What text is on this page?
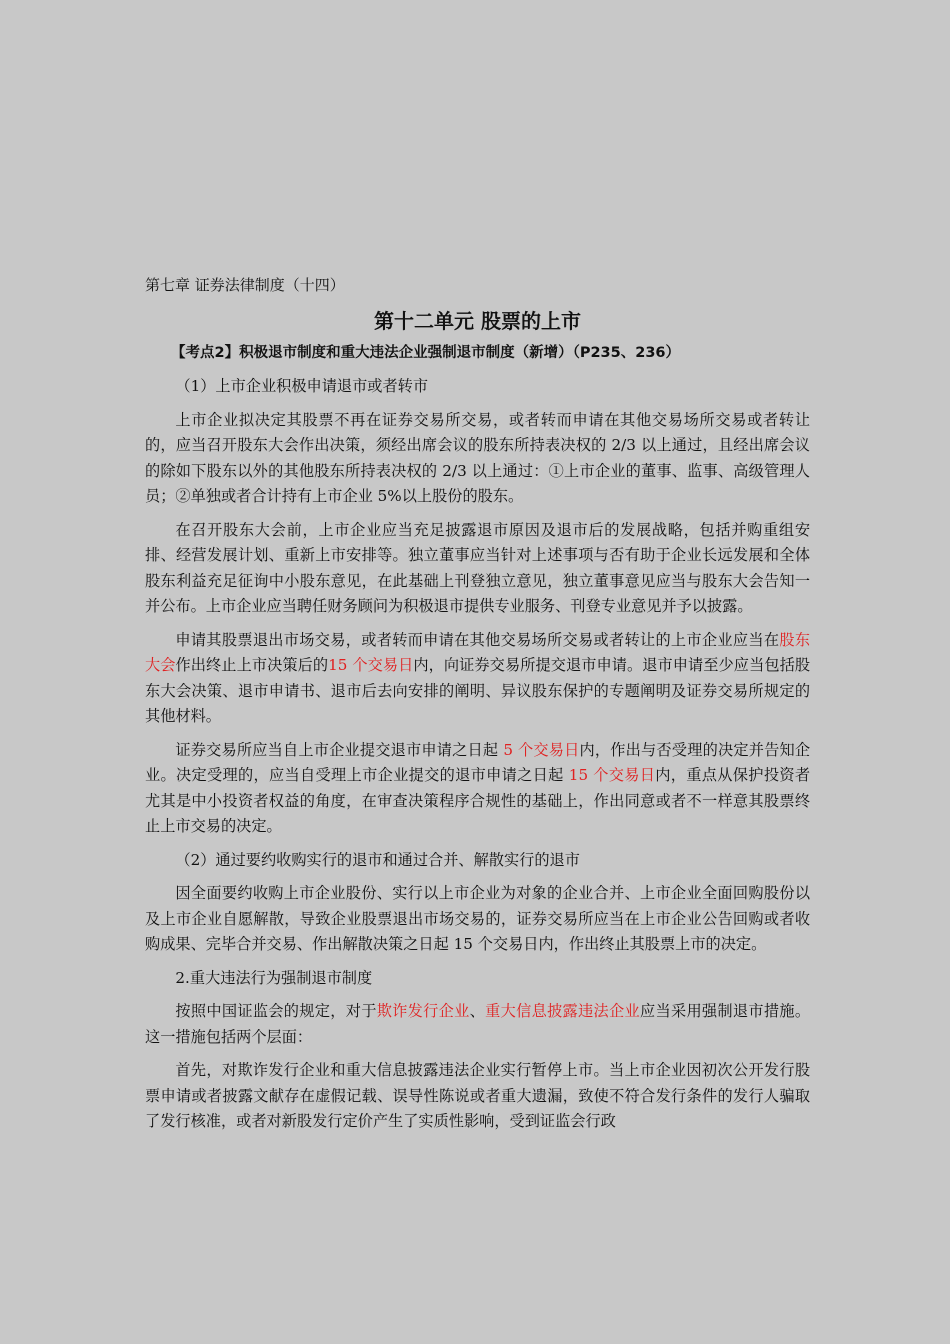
第七章 证券法律制度（十四）
第十二单元 股票的上市
【考点2】积极退市制度和重大违法企业强制退市制度（新增）（P235、236）

（1）上市企业积极申请退市或者转市

上市企业拟决定其股票不再在证券交易所交易，或者转而申请在其他交易场所交易或者转让的，应当召开股东大会作出决策，须经出席会议的股东所持表决权的 2/3 以上通过，且经出席会议的除如下股东以外的其他股东所持表决权的 2/3 以上通过：①上市企业的董事、监事、高级管理人员；②单独或者合计持有上市企业 5%以上股份的股东。

在召开股东大会前，上市企业应当充足披露退市原因及退市后的发展战略，包括并购重组安排、经营发展计划、重新上市安排等。独立董事应当针对上述事项与否有助于企业长远发展和全体股东利益充足征询中小股东意见，在此基础上刊登独立意见，独立董事意见应当与股东大会告知一并公布。上市企业应当聘任财务顾问为积极退市提供专业服务、刊登专业意见并予以披露。

申请其股票退出市场交易，或者转而申请在其他交易场所交易或者转让的上市企业应当在股东大会作出终止上市决策后的15 个交易日内，向证券交易所提交退市申请。退市申请至少应当包括股东大会决策、退市申请书、退市后去向安排的阐明、异议股东保护的专题阐明及证券交易所规定的其他材料。

证券交易所应当自上市企业提交退市申请之日起 5 个交易日内，作出与否受理的决定并告知企业。决定受理的，应当自受理上市企业提交的退市申请之日起 15 个交易日内，重点从保护投资者尤其是中小投资者权益的角度，在审查决策程序合规性的基础上，作出同意或者不一样意其股票终止上市交易的决定。

（2）通过要约收购实行的退市和通过合并、解散实行的退市

因全面要约收购上市企业股份、实行以上市企业为对象的企业合并、上市企业全面回购股份以及上市企业自愿解散，导致企业股票退出市场交易的，证券交易所应当在上市企业公告回购或者收购成果、完毕合并交易、作出解散决策之日起 15 个交易日内，作出终止其股票上市的决定。

2.重大违法行为强制退市制度

按照中国证监会的规定，对于欺诈发行企业、重大信息披露违法企业应当采用强制退市措施。这一措施包括两个层面：

首先，对欺诈发行企业和重大信息披露违法企业实行暂停上市。当上市企业因初次公开发行股票申请或者披露文献存在虚假记载、误导性陈说或者重大遗漏，致使不符合发行条件的发行人骗取了发行核准，或者对新股发行定价产生了实质性影响，受到证监会行政
